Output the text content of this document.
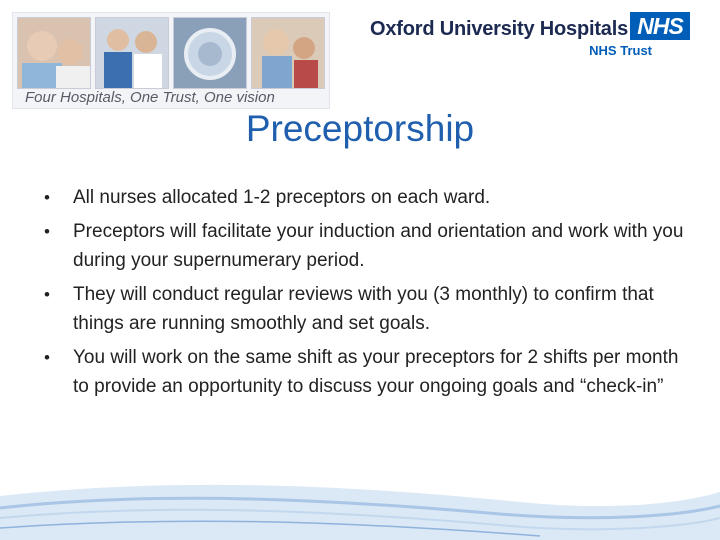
Four Hospitals, One Trust, One vision
Oxford University Hospitals NHS
NHS Trust
Preceptorship
• All nurses allocated 1-2 preceptors on each ward.
• Preceptors will facilitate your induction and orientation and work with you during your supernumerary period.
• They will conduct regular reviews with you (3 monthly) to confirm that things are running smoothly and set goals.
• You will work on the same shift as your preceptors for 2 shifts per month to provide an opportunity to discuss your ongoing goals and “check-in”
